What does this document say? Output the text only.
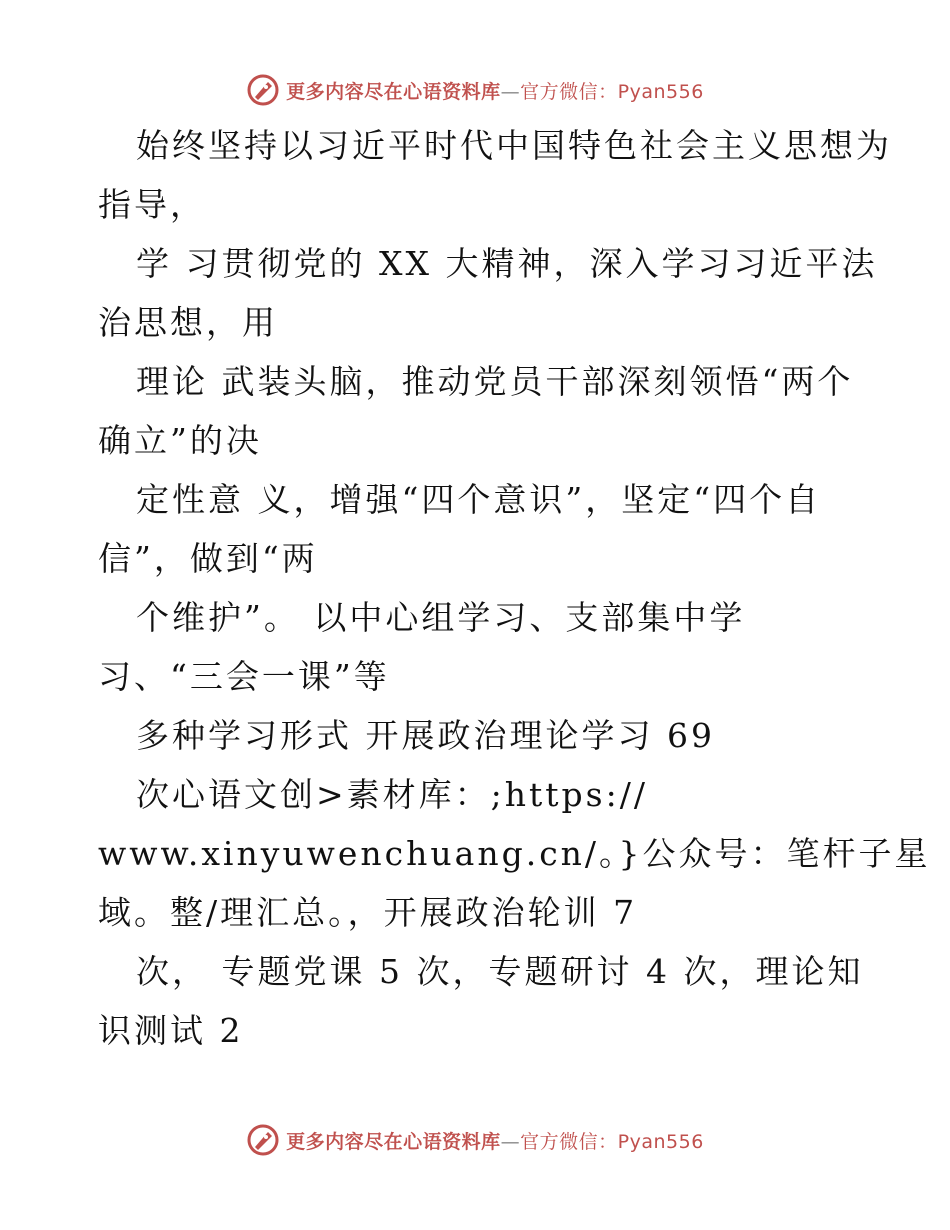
更多内容尽在心语资料库—官方微信：Pyan556
始终坚持以习近平时代中国特色社会主义思想为
指导，
学 习贯彻党的 XX 大精神，深入学习习近平法
治思想，用
理论 武装头脑，推动党员干部深刻领悟“两个
确立”的决
定性意 义，增强“四个意识”，坚定“四个自
信”，做到“两
个维护”。 以中心组学习、支部集中学
习、“三会一课”等
多种学习形式 开展政治理论学习 69
次心语文创>素材库：;https://
www.xinyuwenchuang.cn/。}公众号：笔杆子星
域。整/理汇总。，开展政治轮训 7
次， 专题党课 5 次，专题研讨 4 次，理论知
识测试 2
更多内容尽在心语资料库—官方微信：Pyan556
